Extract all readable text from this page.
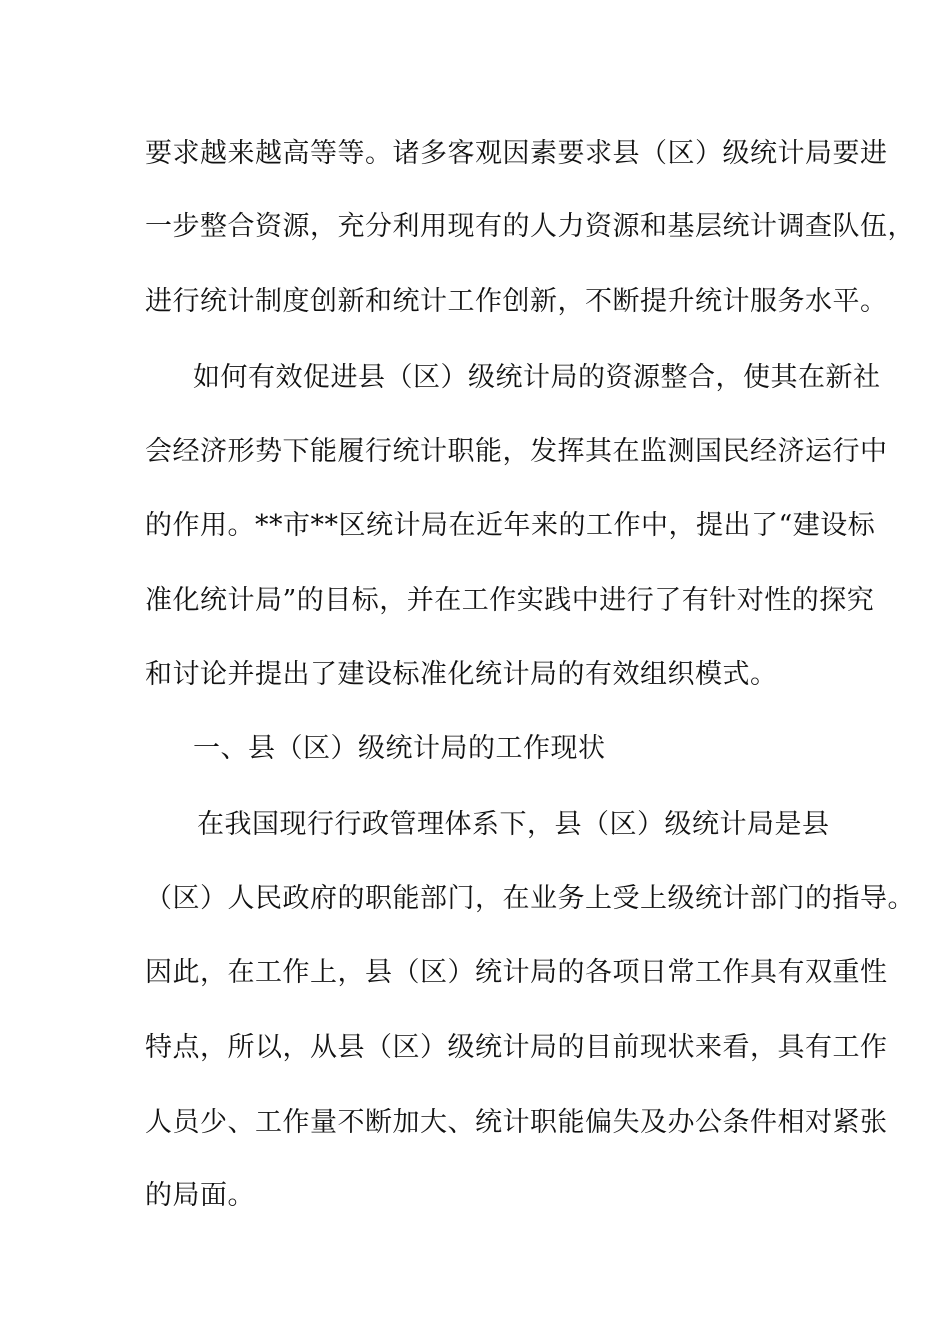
要求越来越高等等。诸多客观因素要求县（区）级统计局要进
一步整合资源，充分利用现有的人力资源和基层统计调查队伍，
进行统计制度创新和统计工作创新，不断提升统计服务水平。
如何有效促进县（区）级统计局的资源整合，使其在新社
会经济形势下能履行统计职能，发挥其在监测国民经济运行中
的作用。**市**区统计局在近年来的工作中，提出了“建设标
准化统计局”的目标，并在工作实践中进行了有针对性的探究
和讨论并提出了建设标准化统计局的有效组织模式。
一、县（区）级统计局的工作现状
在我国现行行政管理体系下，县（区）级统计局是县
（区）人民政府的职能部门，在业务上受上级统计部门的指导。
因此，在工作上，县（区）统计局的各项日常工作具有双重性
特点，所以，从县（区）级统计局的目前现状来看，具有工作
人员少、工作量不断加大、统计职能偏失及办公条件相对紧张
的局面。
